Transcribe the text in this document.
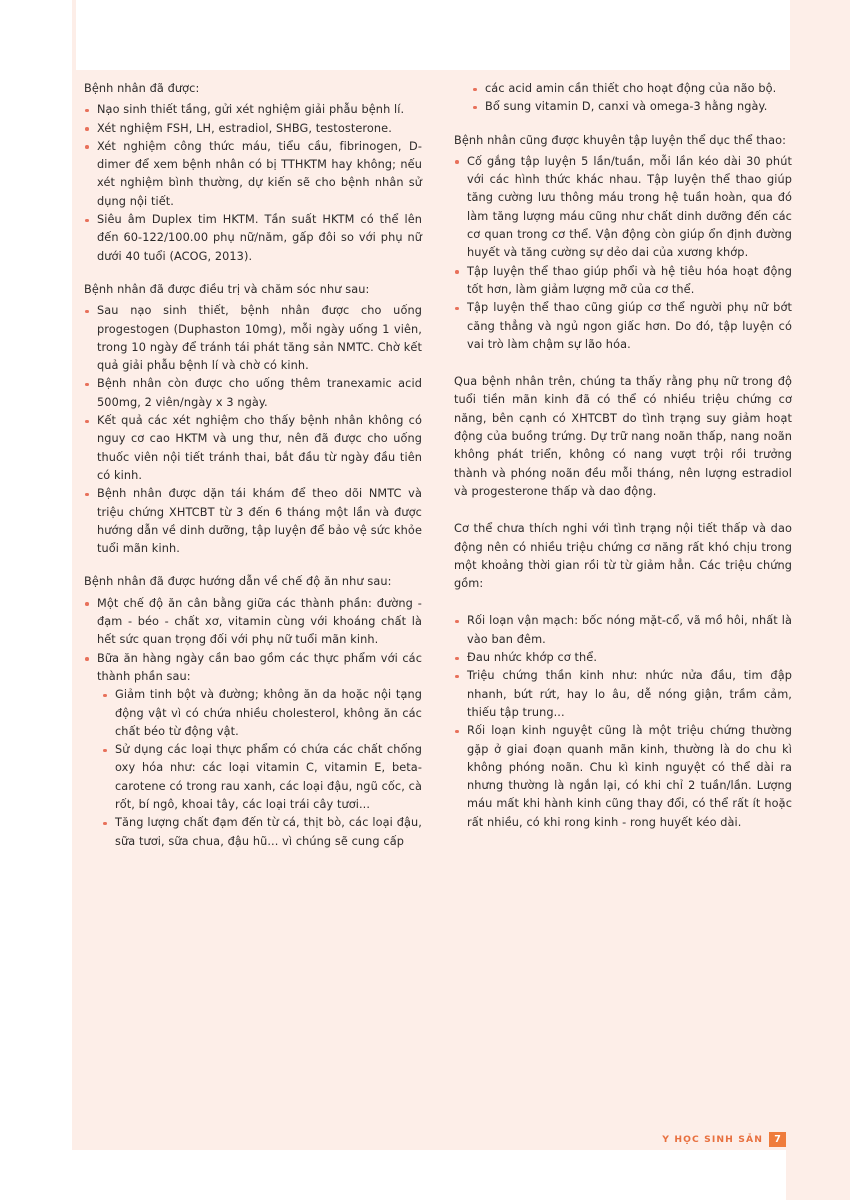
Bệnh nhân đã được:

Nạo sinh thiết tầng, gửi xét nghiệm giải phẫu bệnh lí.
Xét nghiệm FSH, LH, estradiol, SHBG, testosterone.
Xét nghiệm công thức máu, tiểu cầu, fibrinogen, D-dimer để xem bệnh nhân có bị TTHKTM hay không; nếu xét nghiệm bình thường, dự kiến sẽ cho bệnh nhân sử dụng nội tiết.
Siêu âm Duplex tim HKTM. Tần suất HKTM có thể lên đến 60-122/100.00 phụ nữ/năm, gấp đôi so với phụ nữ dưới 40 tuổi (ACOG, 2013).

Bệnh nhân đã được điều trị và chăm sóc như sau:

Sau nạo sinh thiết, bệnh nhân được cho uống progestogen (Duphaston 10mg), mỗi ngày uống 1 viên, trong 10 ngày để tránh tái phát tăng sản NMTC. Chờ kết quả giải phẫu bệnh lí và chờ có kinh.
Bệnh nhân còn được cho uống thêm tranexamic acid 500mg, 2 viên/ngày x 3 ngày.
Kết quả các xét nghiệm cho thấy bệnh nhân không có nguy cơ cao HKTM và ung thư, nên đã được cho uống thuốc viên nội tiết tránh thai, bắt đầu từ ngày đầu tiên có kinh.
Bệnh nhân được dặn tái khám để theo dõi NMTC và triệu chứng XHTCBT từ 3 đến 6 tháng một lần và được hướng dẫn về dinh dưỡng, tập luyện để bảo vệ sức khỏe tuổi mãn kinh.

Bệnh nhân đã được hướng dẫn về chế độ ăn như sau:

Một chế độ ăn cân bằng giữa các thành phần: đường - đạm - béo - chất xơ, vitamin cùng với khoáng chất là hết sức quan trọng đối với phụ nữ tuổi mãn kinh.
Bữa ăn hàng ngày cần bao gồm các thực phẩm với các thành phần sau:
Giảm tinh bột và đường; không ăn da hoặc nội tạng động vật vì có chứa nhiều cholesterol, không ăn các chất béo từ động vật.
Sử dụng các loại thực phẩm có chứa các chất chống oxy hóa như: các loại vitamin C, vitamin E, beta-carotene có trong rau xanh, các loại đậu, ngũ cốc, cà rốt, bí ngô, khoai tây, các loại trái cây tươi...
Tăng lượng chất đạm đến từ cá, thịt bò, các loại đậu, sữa tươi, sữa chua, đậu hũ... vì chúng sẽ cung cấp
các acid amin cần thiết cho hoạt động của não bộ.
Bổ sung vitamin D, canxi và omega-3 hằng ngày.

Bệnh nhân cũng được khuyên tập luyện thể dục thể thao:

Cố gắng tập luyện 5 lần/tuần, mỗi lần kéo dài 30 phút với các hình thức khác nhau. Tập luyện thể thao giúp tăng cường lưu thông máu trong hệ tuần hoàn, qua đó làm tăng lượng máu cũng như chất dinh dưỡng đến các cơ quan trong cơ thể. Vận động còn giúp ổn định đường huyết và tăng cường sự dẻo dai của xương khớp.
Tập luyện thể thao giúp phổi và hệ tiêu hóa hoạt động tốt hơn, làm giảm lượng mỡ của cơ thể.
Tập luyện thể thao cũng giúp cơ thể người phụ nữ bớt căng thẳng và ngủ ngon giấc hơn. Do đó, tập luyện có vai trò làm chậm sự lão hóa.

Qua bệnh nhân trên, chúng ta thấy rằng phụ nữ trong độ tuổi tiền mãn kinh đã có thể có nhiều triệu chứng cơ năng, bên cạnh có XHTCBT do tình trạng suy giảm hoạt động của buồng trứng. Dự trữ nang noãn thấp, nang noãn không phát triển, không có nang vượt trội rồi trưởng thành và phóng noãn đều mỗi tháng, nên lượng estradiol và progesterone thấp và dao động.

Cơ thể chưa thích nghi với tình trạng nội tiết thấp và dao động nên có nhiều triệu chứng cơ năng rất khó chịu trong một khoảng thời gian rồi từ từ giảm hẳn. Các triệu chứng gồm:

Rối loạn vận mạch: bốc nóng mặt-cổ, vã mồ hôi, nhất là vào ban đêm.
Đau nhức khớp cơ thể.
Triệu chứng thần kinh như: nhức nửa đầu, tim đập nhanh, bứt rứt, hay lo âu, dễ nóng giận, trầm cảm, thiếu tập trung...
Rối loạn kinh nguyệt cũng là một triệu chứng thường gặp ở giai đoạn quanh mãn kinh, thường là do chu kì không phóng noãn. Chu kì kinh nguyệt có thể dài ra nhưng thường là ngắn lại, có khi chỉ 2 tuần/lần. Lượng máu mất khi hành kinh cũng thay đổi, có thể rất ít hoặc rất nhiều, có khi rong kinh - rong huyết kéo dài.
Y HỌC SINH SẢN	7
